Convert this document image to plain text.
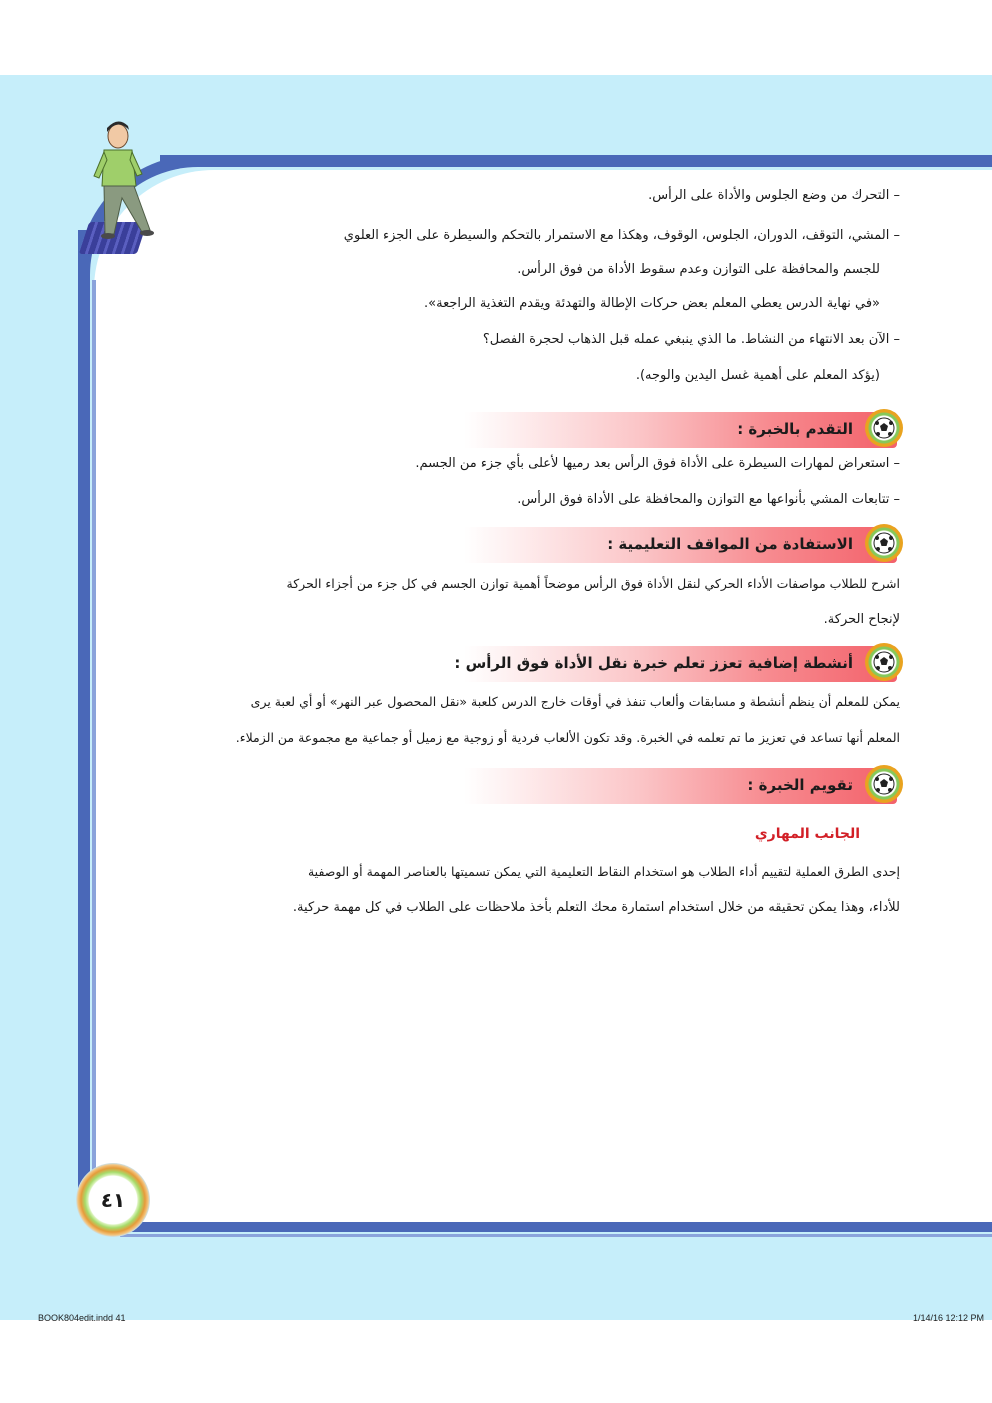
– التحرك من وضع الجلوس والأداة على الرأس.
– المشي، التوقف، الدوران، الجلوس، الوقوف، وهكذا مع الاستمرار بالتحكم والسيطرة على الجزء العلوي
للجسم والمحافظة على التوازن وعدم سقوط الأداة من فوق الرأس.
«في نهاية الدرس يعطي المعلم بعض حركات الإطالة والتهدئة ويقدم التغذية الراجعة».
– الآن بعد الانتهاء من النشاط. ما الذي ينبغي عمله قبل الذهاب لحجرة الفصل؟
(يؤكد المعلم على أهمية غسل اليدين والوجه).
التقدم بالخبرة :
– استعراض لمهارات السيطرة على الأداة فوق الرأس بعد رميها لأعلى بأي جزء من الجسم.
– تتابعات المشي بأنواعها مع التوازن والمحافظة على الأداة فوق الرأس.
الاستفادة من المواقف التعليمية :
اشرح للطلاب مواصفات الأداء الحركي لنقل الأداة فوق الرأس موضحاً أهمية توازن الجسم في كل جزء من أجزاء الحركة
لإنجاح الحركة.
أنشطة إضافية تعزز تعلم خبرة نقل الأداة فوق الرأس :
يمكن للمعلم أن ينظم أنشطة و مسابقات وألعاب تنفذ في أوقات خارج الدرس كلعبة «نقل المحصول عبر النهر» أو أي لعبة يرى
المعلم أنها تساعد في تعزيز ما تم تعلمه في الخبرة. وقد تكون الألعاب فردية أو زوجية مع زميل أو جماعية مع مجموعة من الزملاء.
تقويم الخبرة :
الجانب المهاري
إحدى الطرق العملية لتقييم أداء الطلاب هو استخدام النقاط التعليمية التي يمكن تسميتها بالعناصر المهمة أو الوصفية
للأداء، وهذا يمكن تحقيقه من خلال استخدام استمارة محك التعلم بأخذ ملاحظات على الطلاب في كل مهمة حركية.
٤١
BOOK804edit.indd 41	1/14/16 12:12 PM
